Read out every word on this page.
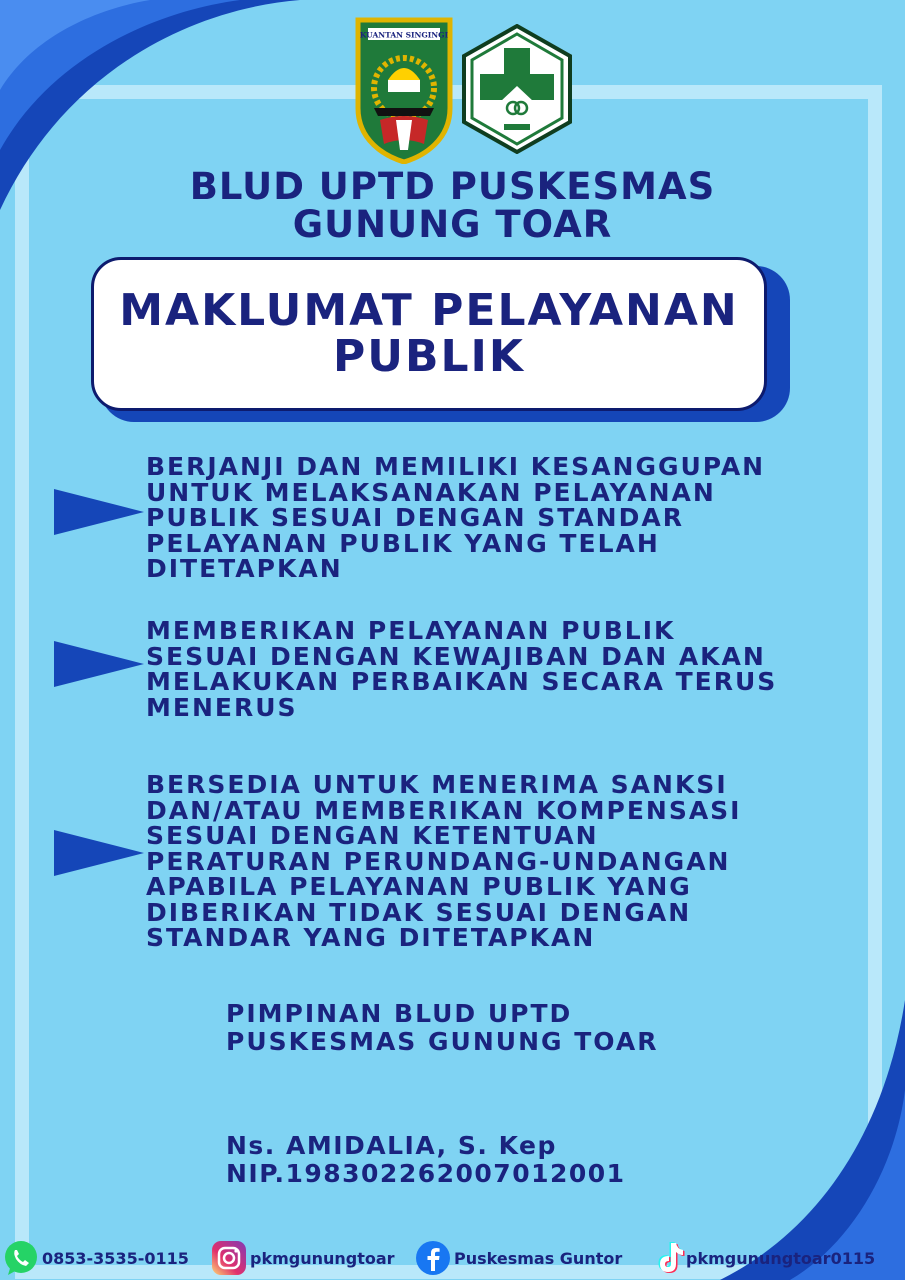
KUANTAN SINGINGI
BLUD UPTD PUSKESMAS
GUNUNG TOAR
MAKLUMAT PELAYANAN
PUBLIK
BERJANJI DAN MEMILIKI KESANGGUPAN
UNTUK MELAKSANAKAN PELAYANAN
PUBLIK SESUAI DENGAN STANDAR
PELAYANAN PUBLIK YANG TELAH
DITETAPKAN
MEMBERIKAN PELAYANAN PUBLIK
SESUAI DENGAN KEWAJIBAN DAN AKAN
MELAKUKAN PERBAIKAN SECARA TERUS
MENERUS
BERSEDIA UNTUK MENERIMA SANKSI
DAN/ATAU MEMBERIKAN KOMPENSASI
SESUAI DENGAN KETENTUAN
PERATURAN PERUNDANG-UNDANGAN
APABILA PELAYANAN PUBLIK YANG
DIBERIKAN TIDAK SESUAI DENGAN
STANDAR YANG DITETAPKAN
PIMPINAN BLUD UPTD
PUSKESMAS GUNUNG TOAR
Ns. AMIDALIA, S. Kep
NIP.198302262007012001
0853-3535-0115	pkmgunungtoar	Puskesmas Guntor	pkmgunungtoar0115
